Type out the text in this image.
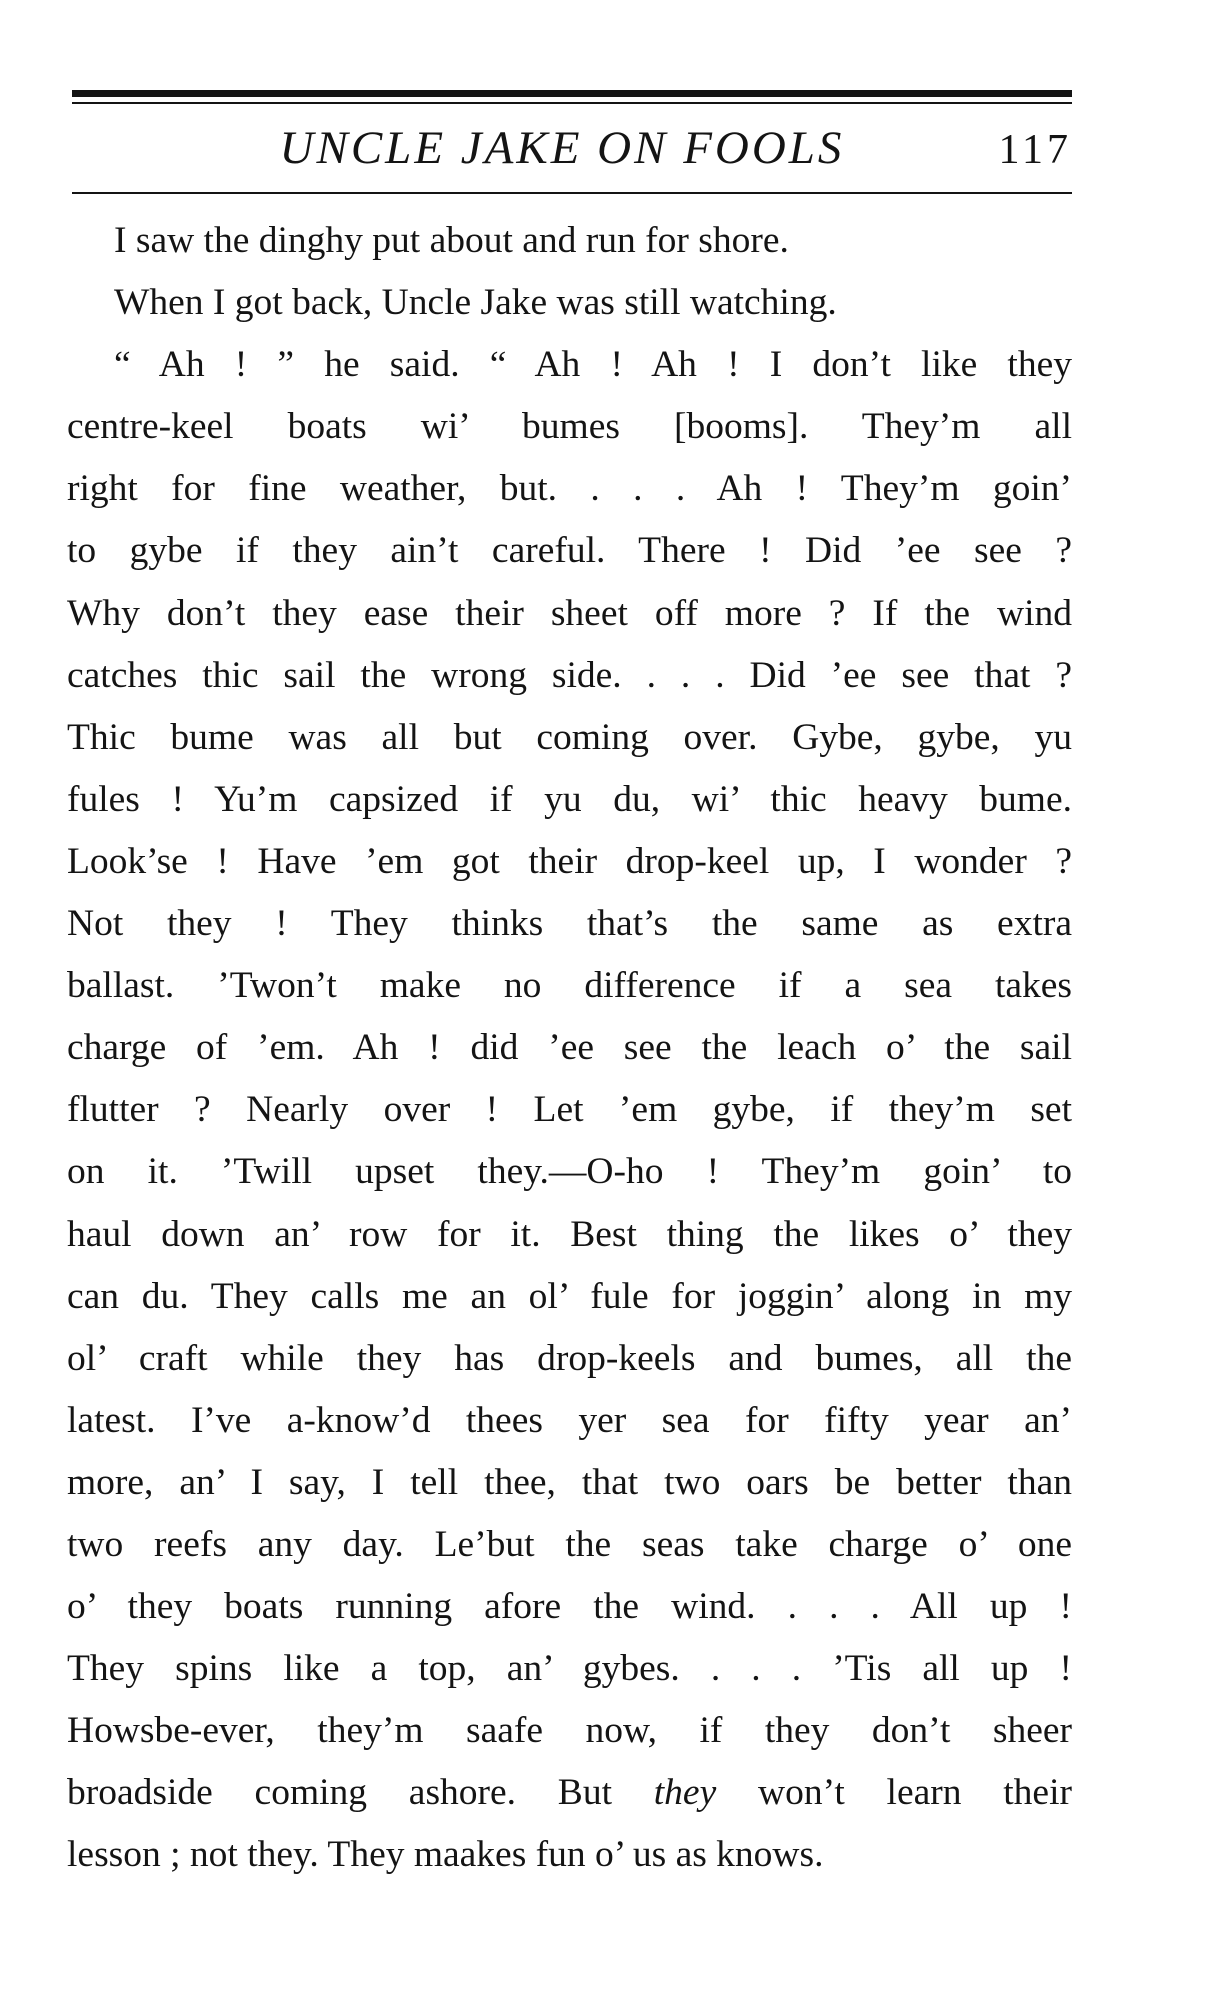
UNCLE JAKE ON FOOLS	117
I saw the dinghy put about and run for shore.
When I got back, Uncle Jake was still watching.
“ Ah ! ” he said. “ Ah ! Ah ! I don’t like they
centre-keel boats wi’ bumes [booms]. They’m all
right for fine weather, but. . . . Ah ! They’m goin’
to gybe if they ain’t careful. There ! Did ’ee see ?
Why don’t they ease their sheet off more ? If the wind
catches thic sail the wrong side. . . . Did ’ee see that ?
Thic bume was all but coming over. Gybe, gybe, yu
fules ! Yu’m capsized if yu du, wi’ thic heavy bume.
Look’se ! Have ’em got their drop-keel up, I wonder ?
Not they ! They thinks that’s the same as extra
ballast. ’Twon’t make no difference if a sea takes
charge of ’em. Ah ! did ’ee see the leach o’ the sail
flutter ? Nearly over ! Let ’em gybe, if they’m set
on it. ’Twill upset they.—O-ho ! They’m goin’ to
haul down an’ row for it. Best thing the likes o’ they
can du. They calls me an ol’ fule for joggin’ along in my
ol’ craft while they has drop-keels and bumes, all the
latest. I’ve a-know’d thees yer sea for fifty year an’
more, an’ I say, I tell thee, that two oars be better than
two reefs any day. Le’but the seas take charge o’ one
o’ they boats running afore the wind. . . . All up !
They spins like a top, an’ gybes. . . . ’Tis all up !
Howsbe-ever, they’m saafe now, if they don’t sheer
broadside coming ashore. But they won’t learn their
lesson ; not they. They maakes fun o’ us as knows.
